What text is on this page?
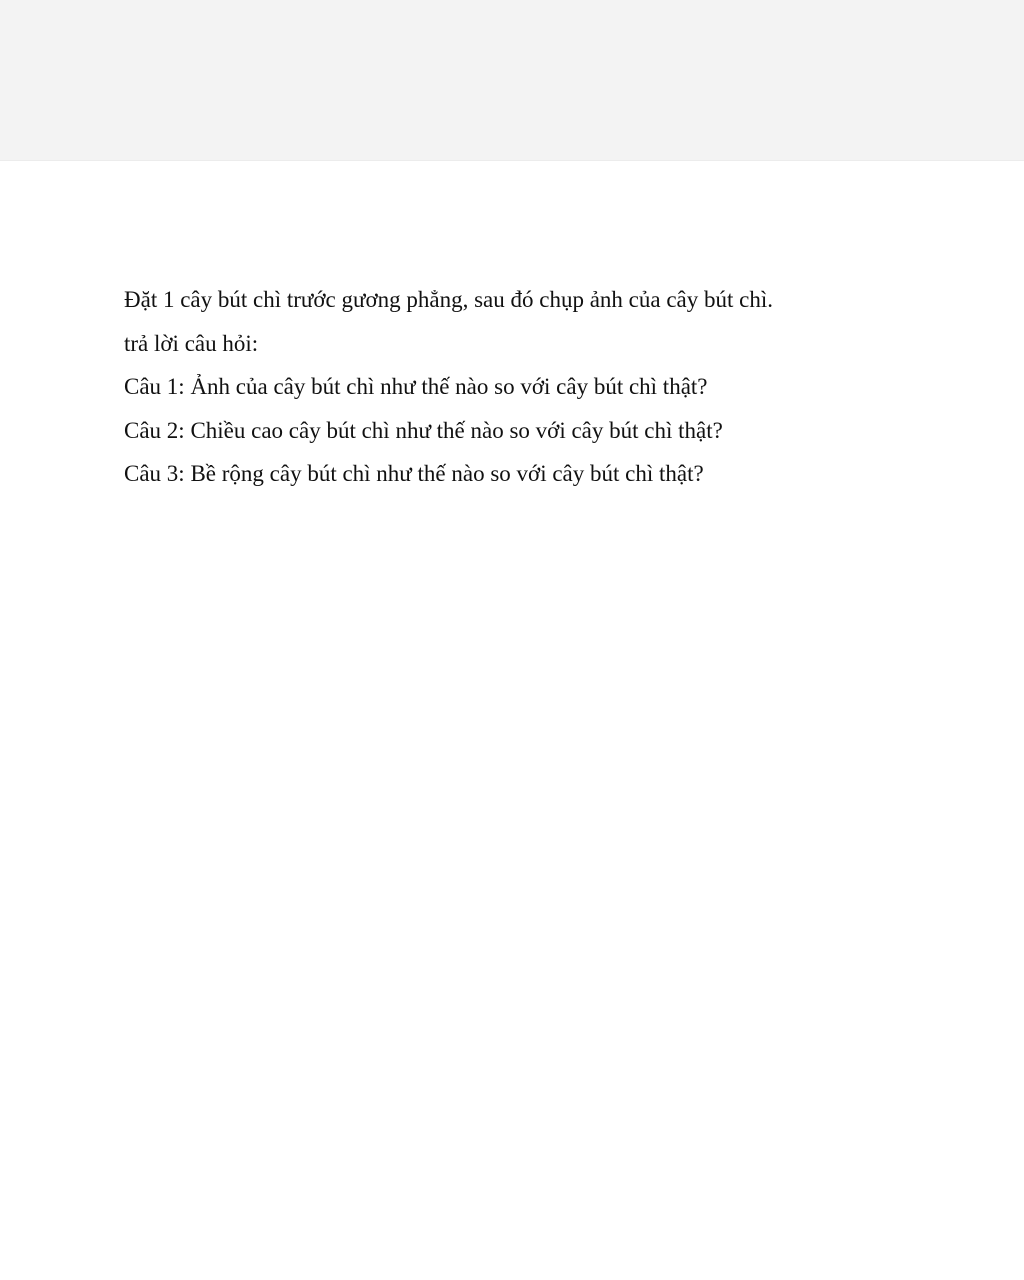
Đặt 1 cây bút chì trước gương phẳng, sau đó chụp ảnh của cây bút chì.
trả lời câu hỏi:
Câu 1: Ảnh của cây bút chì như thế nào so với cây bút chì thật?
Câu 2: Chiều cao cây bút chì như thế nào so với cây bút chì thật?
Câu 3: Bề rộng cây bút chì như thế nào so với cây bút chì thật?
